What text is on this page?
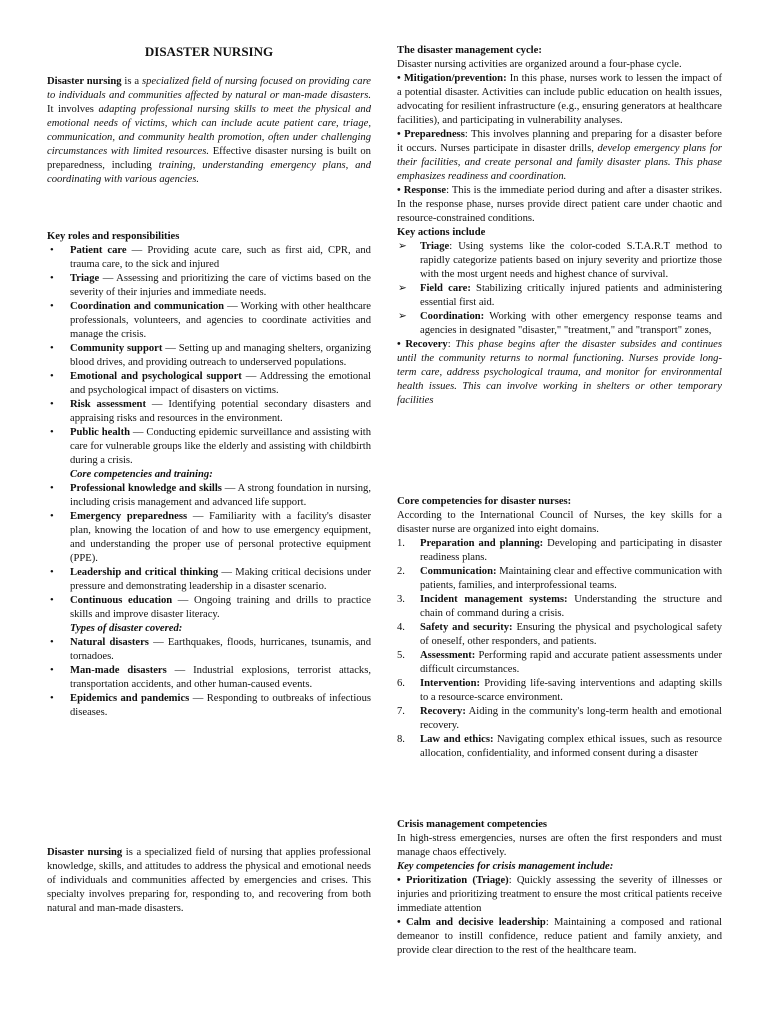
DISASTER NURSING

Disaster nursing is a specialized field of nursing focused on providing care to individuals and communities affected by natural or man-made disasters. It involves adapting professional nursing skills to meet the physical and emotional needs of victims, which can include acute patient care, triage, communication, and community health promotion, often under challenging circumstances with limited resources. Effective disaster nursing is built on preparedness, including training, understanding emergency plans, and coordinating with various agencies.

Key roles and responsibilities
• Patient care — Providing acute care, such as first aid, CPR, and trauma care, to the sick and injured
• Triage — Assessing and prioritizing the care of victims based on the severity of their injuries and immediate needs.
• Coordination and communication — Working with other healthcare professionals, volunteers, and agencies to coordinate activities and manage the crisis.
• Community support — Setting up and managing shelters, organizing blood drives, and providing outreach to underserved populations.
• Emotional and psychological support — Addressing the emotional and psychological impact of disasters on victims.
• Risk assessment — Identifying potential secondary disasters and appraising risks and resources in the environment.
• Public health — Conducting epidemic surveillance and assisting with care for vulnerable groups like the elderly and assisting with childbirth during a crisis.
Core competencies and training:
• Professional knowledge and skills — A strong foundation in nursing, including crisis management and advanced life support.
• Emergency preparedness — Familiarity with a facility's disaster plan, knowing the location of and how to use emergency equipment, and understanding the proper use of personal protective equipment (PPE).
• Leadership and critical thinking — Making critical decisions under pressure and demonstrating leadership in a disaster scenario.
• Continuous education — Ongoing training and drills to practice skills and improve disaster literacy.
Types of disaster covered:
• Natural disasters — Earthquakes, floods, hurricanes, tsunamis, and tornadoes.
• Man-made disasters — Industrial explosions, terrorist attacks, transportation accidents, and other human-caused events.
• Epidemics and pandemics — Responding to outbreaks of infectious diseases.

Disaster nursing is a specialized field of nursing that applies professional knowledge, skills, and attitudes to address the physical and emotional needs of individuals and communities affected by emergencies and crises. This specialty involves preparing for, responding to, and recovering from both natural and man-made disasters.

The disaster management cycle:

Disaster nursing activities are organized around a four-phase cycle.

• Mitigation/prevention: In this phase, nurses work to lessen the impact of a potential disaster. Activities can include public education on health issues, advocating for resilient infrastructure (e.g., ensuring generators at healthcare facilities), and participating in vulnerability analyses.

• Preparedness: This involves planning and preparing for a disaster before it occurs. Nurses participate in disaster drills, develop emergency plans for their facilities, and create personal and family disaster plans. This phase emphasizes readiness and coordination.

• Response: This is the immediate period during and after a disaster strikes. In the response phase, nurses provide direct patient care under chaotic and resource-constrained conditions.

Key actions include
➢ Triage: Using systems like the color-coded S.T.A.R.T method to rapidly categorize patients based on injury severity and priortize those with the most urgent needs and highest chance of survival.
➢ Field care: Stabilizing critically injured patients and administering essential first aid.
➢ Coordination: Working with other emergency response teams and agencies in designated "disaster," "treatment," and "transport" zones,

• Recovery: This phase begins after the disaster subsides and continues until the community returns to normal functioning. Nurses provide long-term care, address psychological trauma, and monitor for environmental health issues. This can involve working in shelters or other temporary facilities

Core competencies for disaster nurses:

According to the International Council of Nurses, the key skills for a disaster nurse are organized into eight domains.

1. Preparation and planning: Developing and participating in disaster readiness plans.
2. Communication: Maintaining clear and effective communication with patients, families, and interprofessional teams.
3. Incident management systems: Understanding the structure and chain of command during a crisis.
4. Safety and security: Ensuring the physical and psychological safety of oneself, other responders, and patients.
5. Assessment: Performing rapid and accurate patient assessments under difficult circumstances.
6. Intervention: Providing life-saving interventions and adapting skills to a resource-scarce environment.
7. Recovery: Aiding in the community's long-term health and emotional recovery.
8. Law and ethics: Navigating complex ethical issues, such as resource allocation, confidentiality, and informed consent during a disaster
Crisis management competencies

In high-stress emergencies, nurses are often the first responders and must manage chaos effectively.

Key competencies for crisis management include:

• Prioritization (Triage): Quickly assessing the severity of illnesses or injuries and prioritizing treatment to ensure the most critical patients receive immediate attention

• Calm and decisive leadership: Maintaining a composed and rational demeanor to instill confidence, reduce patient and family anxiety, and provide clear direction to the rest of the healthcare team.
